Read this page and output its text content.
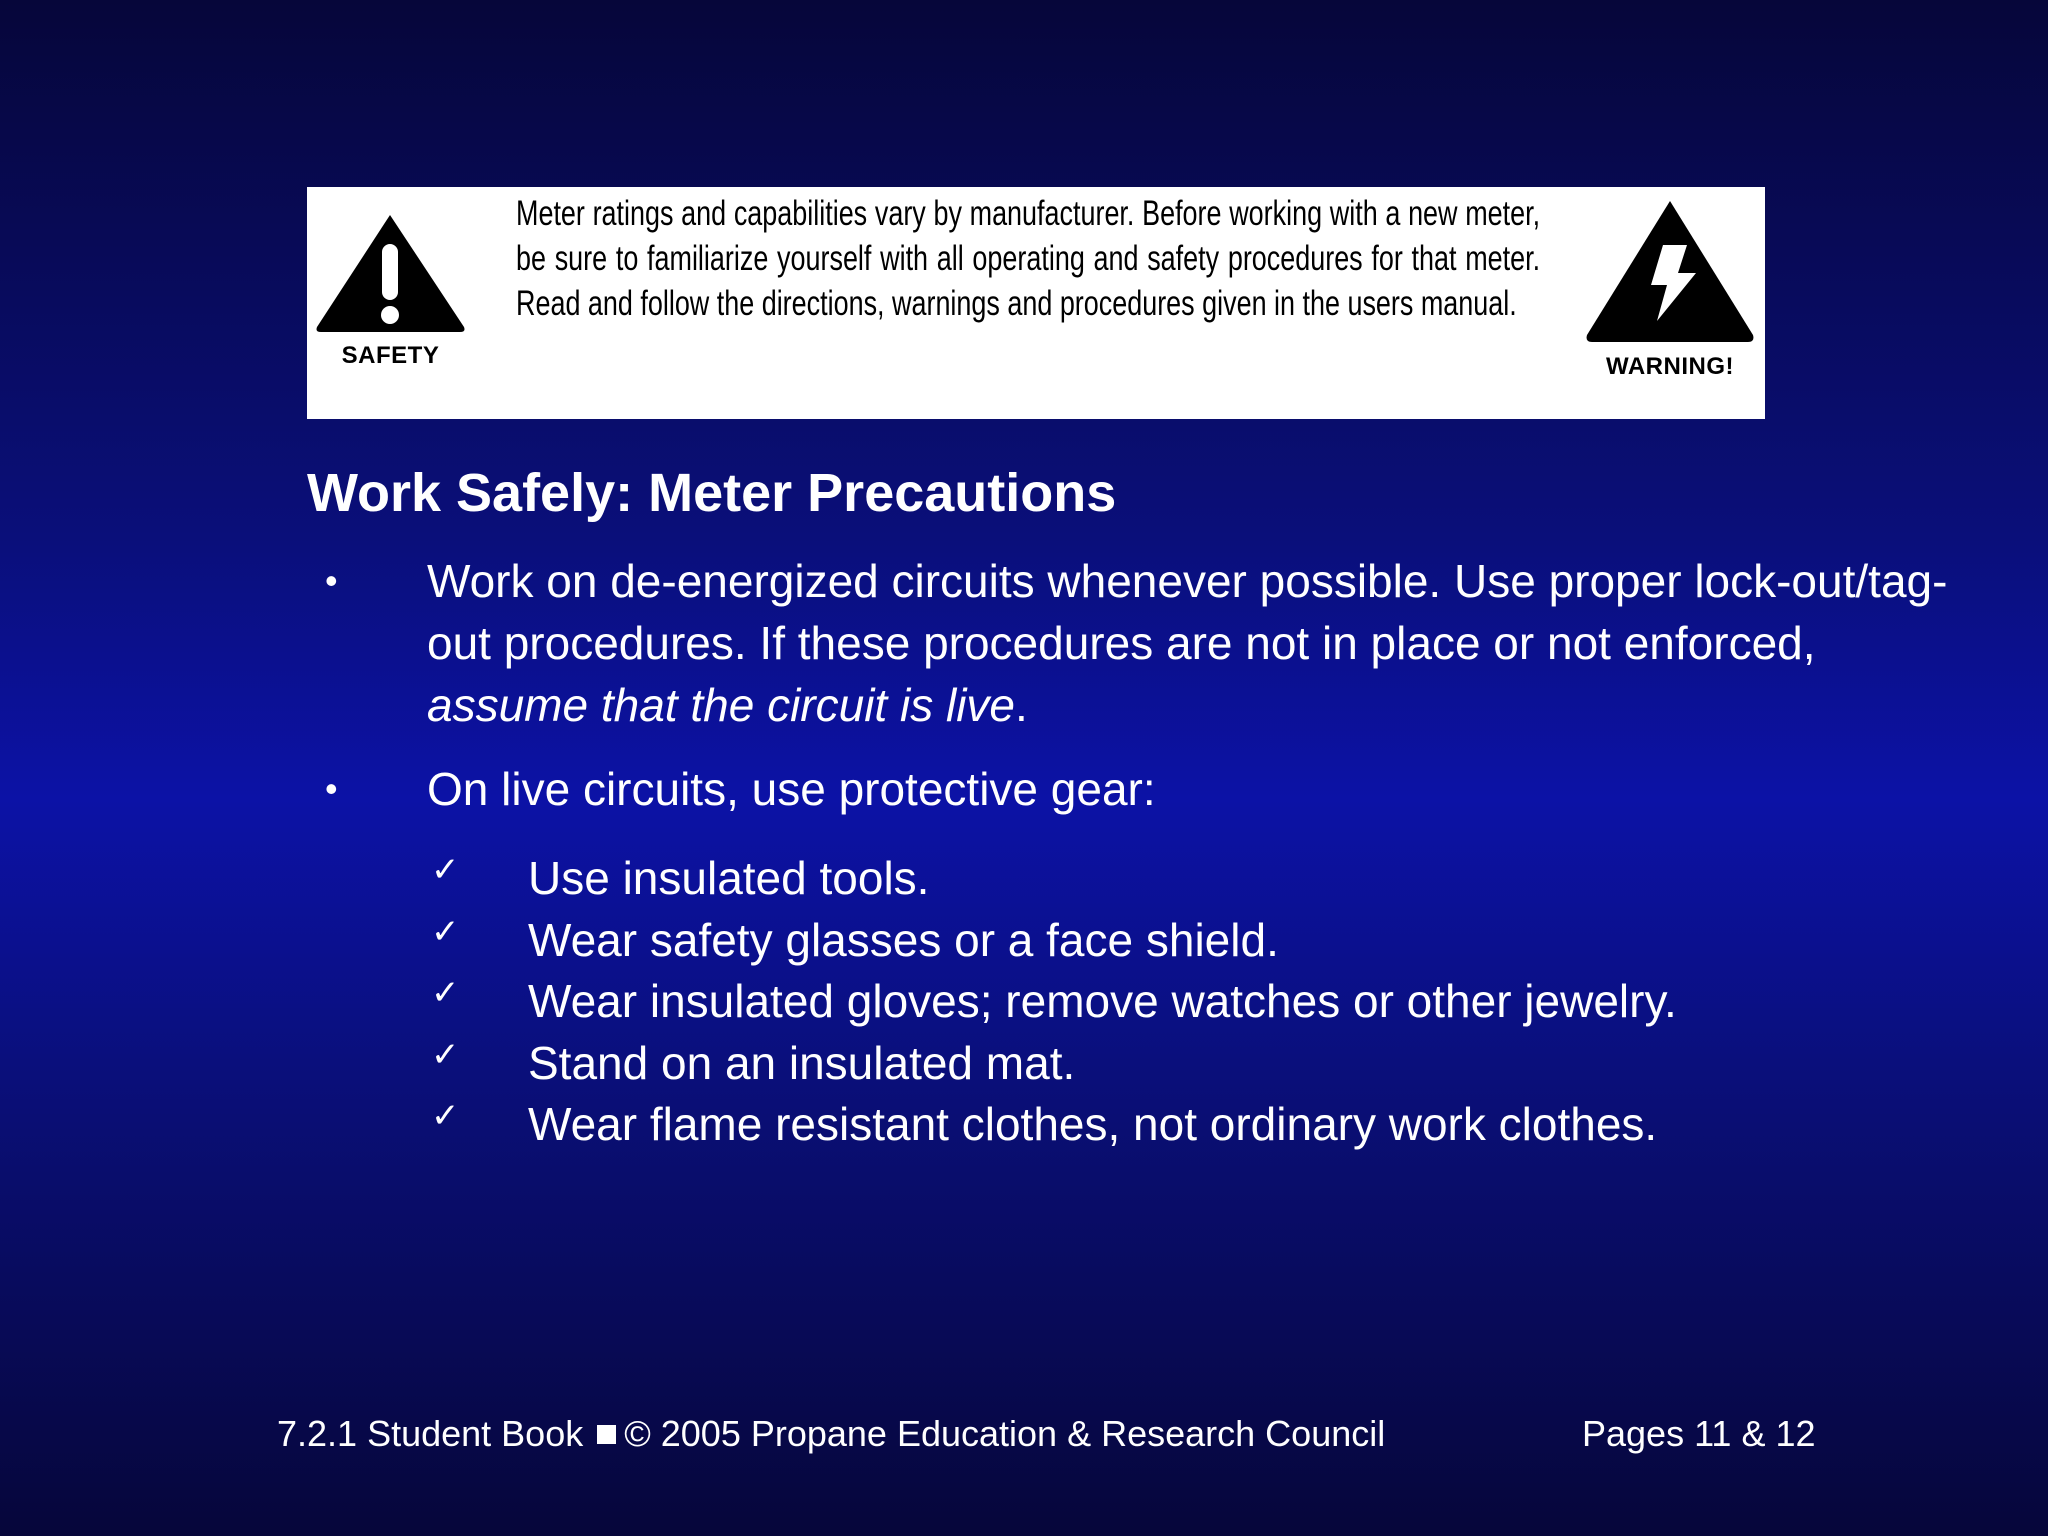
SAFETY
Meter ratings and capabilities vary by manufacturer. Before working with a new meter, be sure to familiarize yourself with all operating and safety procedures for that meter. Read and follow the directions, warnings and procedures given in the users manual.
WARNING!
Work Safely: Meter Precautions
• Work on de-energized circuits whenever possible. Use proper lock-out/tag-out procedures. If these procedures are not in place or not enforced, assume that the circuit is live.
• On live circuits, use protective gear:
✓ Use insulated tools.
✓ Wear safety glasses or a face shield.
✓ Wear insulated gloves; remove watches or other jewelry.
✓ Stand on an insulated mat.
✓ Wear flame resistant clothes, not ordinary work clothes.
7.2.1 Student Book © 2005 Propane Education & Research Council	Pages 11 & 12
